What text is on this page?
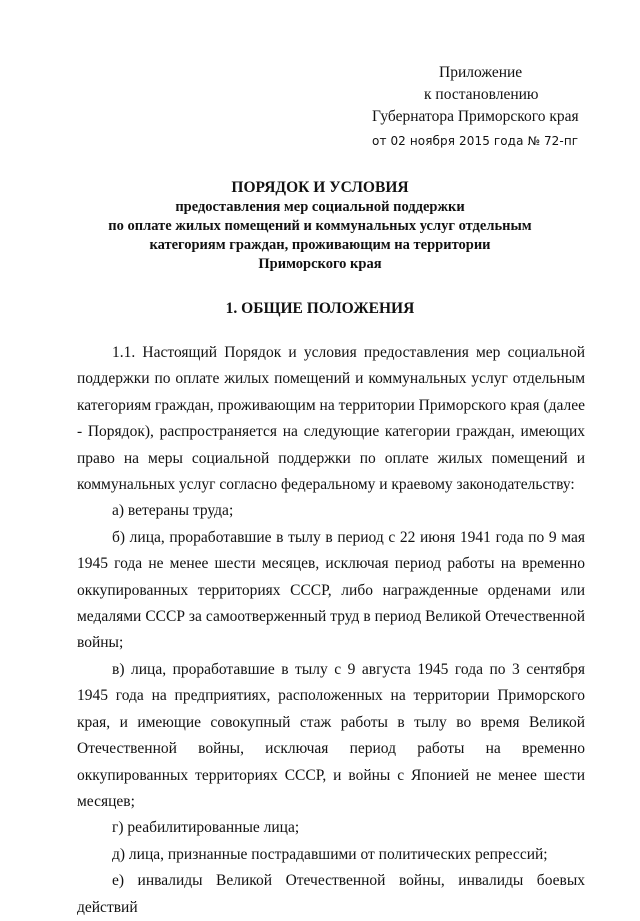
Приложение
к постановлению
Губернатора Приморского края
от 02 ноября 2015 года № 72-пг
ПОРЯДОК И УСЛОВИЯ
предоставления мер социальной поддержки
по оплате жилых помещений и коммунальных услуг отдельным
категориям граждан, проживающим на территории
Приморского края
1. ОБЩИЕ ПОЛОЖЕНИЯ

1.1. Настоящий Порядок и условия предоставления мер социальной поддержки по оплате жилых помещений и коммунальных услуг отдельным категориям граждан, проживающим на территории Приморского края (далее - Порядок), распространяется на следующие категории граждан, имеющих право на меры социальной поддержки по оплате жилых помещений и коммунальных услуг согласно федеральному и краевому законодательству:

а) ветераны труда;

б) лица, проработавшие в тылу в период с 22 июня 1941 года по 9 мая 1945 года не менее шести месяцев, исключая период работы на временно оккупированных территориях СССР, либо награжденные орденами или медалями СССР за самоотверженный труд в период Великой Отечественной войны;

в) лица, проработавшие в тылу с 9 августа 1945 года по 3 сентября 1945 года на предприятиях, расположенных на территории Приморского края, и имеющие совокупный стаж работы в тылу во время Великой Отечественной войны, исключая период работы на временно оккупированных территориях СССР, и войны с Японией не менее шести месяцев;

г) реабилитированные лица;

д) лица, признанные пострадавшими от политических репрессий;

е) инвалиды Великой Отечественной войны, инвалиды боевых действий
